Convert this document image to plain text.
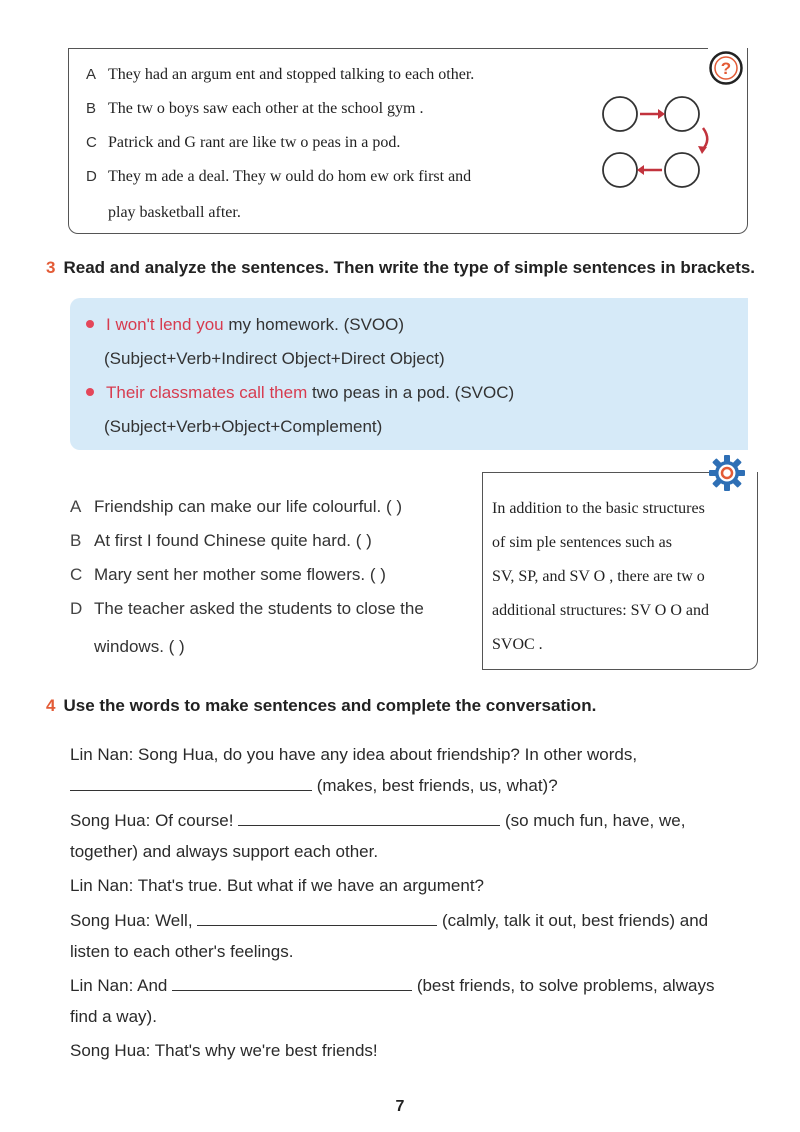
A They had an argum ent and stopped talking to each other.
B The tw o boys saw each other at the school gym .
C Patrick and G rant are like tw o peas in a pod.
D They m ade a deal. They w ould do hom ew ork first and
play basketball after.
?
3 Read and analyze the sentences. Then write the type of simple sentences in brackets.
I won't lend you my homework. (SVOO)
(Subject+Verb+Indirect Object+Direct Object)
Their classmates call them two peas in a pod. (SVOC)
(Subject+Verb+Object+Complement)
A Friendship can make our life colourful. ( )
B At first I found Chinese quite hard. ( )
C Mary sent her mother some flowers. ( )
D The teacher asked the students to close the
windows. ( )
In addition to the basic structures
of sim ple sentences such as
SV, SP, and SV O , there are tw o
additional structures: SV O O and
SVOC .
4 Use the words to make sentences and complete the conversation.
Lin Nan: Song Hua, do you have any idea about friendship? In other words,
(makes, best friends, us, what)?
Song Hua: Of course!	(so much fun, have, we,
together) and always support each other.
Lin Nan: That's true. But what if we have an argument?
Song Hua: Well,	(calmly, talk it out, best friends) and
listen to each other's feelings.
Lin Nan: And	(best friends, to solve problems, always
find a way).
Song Hua: That's why we're best friends!
7
